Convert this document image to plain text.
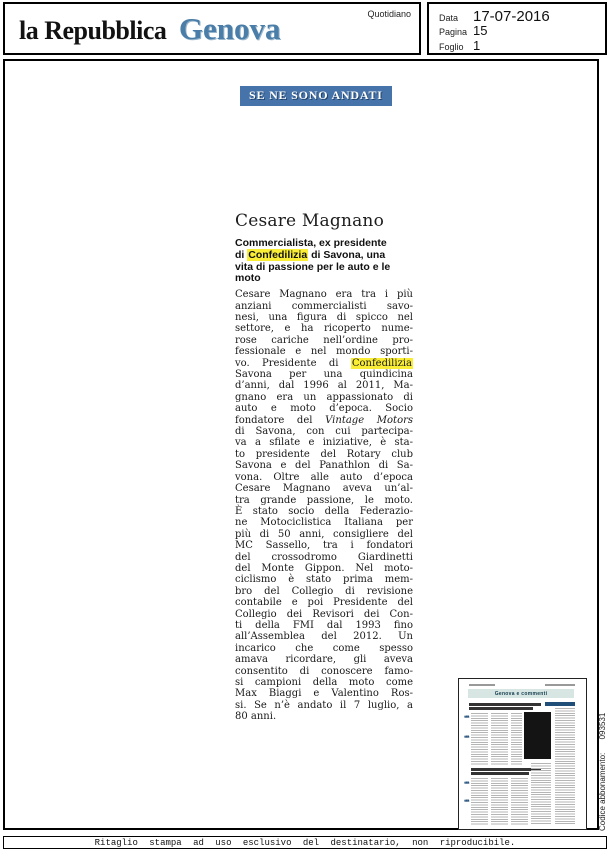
la Repubblica Genova	Quotidiano	Data 17-07-2016
Pagina 15
Foglio 1
SE NE SONO ANDATI
Cesare Magnano
Commercialista, ex presidente
di Confedilizia di Savona, una
vita di passione per le auto e le
moto
Cesare Magnano era tra i più
anziani commercialisti savo-
nesi, una figura di spicco nel
settore, e ha ricoperto nume-
rose cariche nell’ordine pro-
fessionale e nel mondo sporti-
vo. Presidente di Confedilizia
Savona per una quindicina
d’anni, dal 1996 al 2011, Ma-
gnano era un appassionato di
auto e moto d’epoca. Socio
fondatore del Vintage Motors
di Savona, con cui partecipa-
va a sfilate e iniziative, è sta-
to presidente del Rotary club
Savona e del Panathlon di Sa-
vona. Oltre alle auto d’epoca
Cesare Magnano aveva un’al-
tra grande passione, le moto.
È stato socio della Federazio-
ne Motociclistica Italiana per
più di 50 anni, consigliere del
MC Sassello, tra i fondatori
del crossodromo Giardinetti
del Monte Gippon. Nel moto-
ciclismo è stato prima mem-
bro del Collegio di revisione
contabile e poi Presidente del
Collegio dei Revisori dei Con-
ti della FMI dal 1993 fino
all’Assemblea del 2012. Un
incarico che come spesso
amava ricordare, gli aveva
consentito di conoscere famo-
si campioni della moto come
Max Biaggi e Valentino Ros-
si. Se n’è andato il 7 luglio, a
80 anni.
Genova e commenti
❝❝
❝❝
❝❝
❝❝	Codice abbonamento:      093531
Ritaglio stampa ad uso esclusivo del destinatario, non riproducibile.
